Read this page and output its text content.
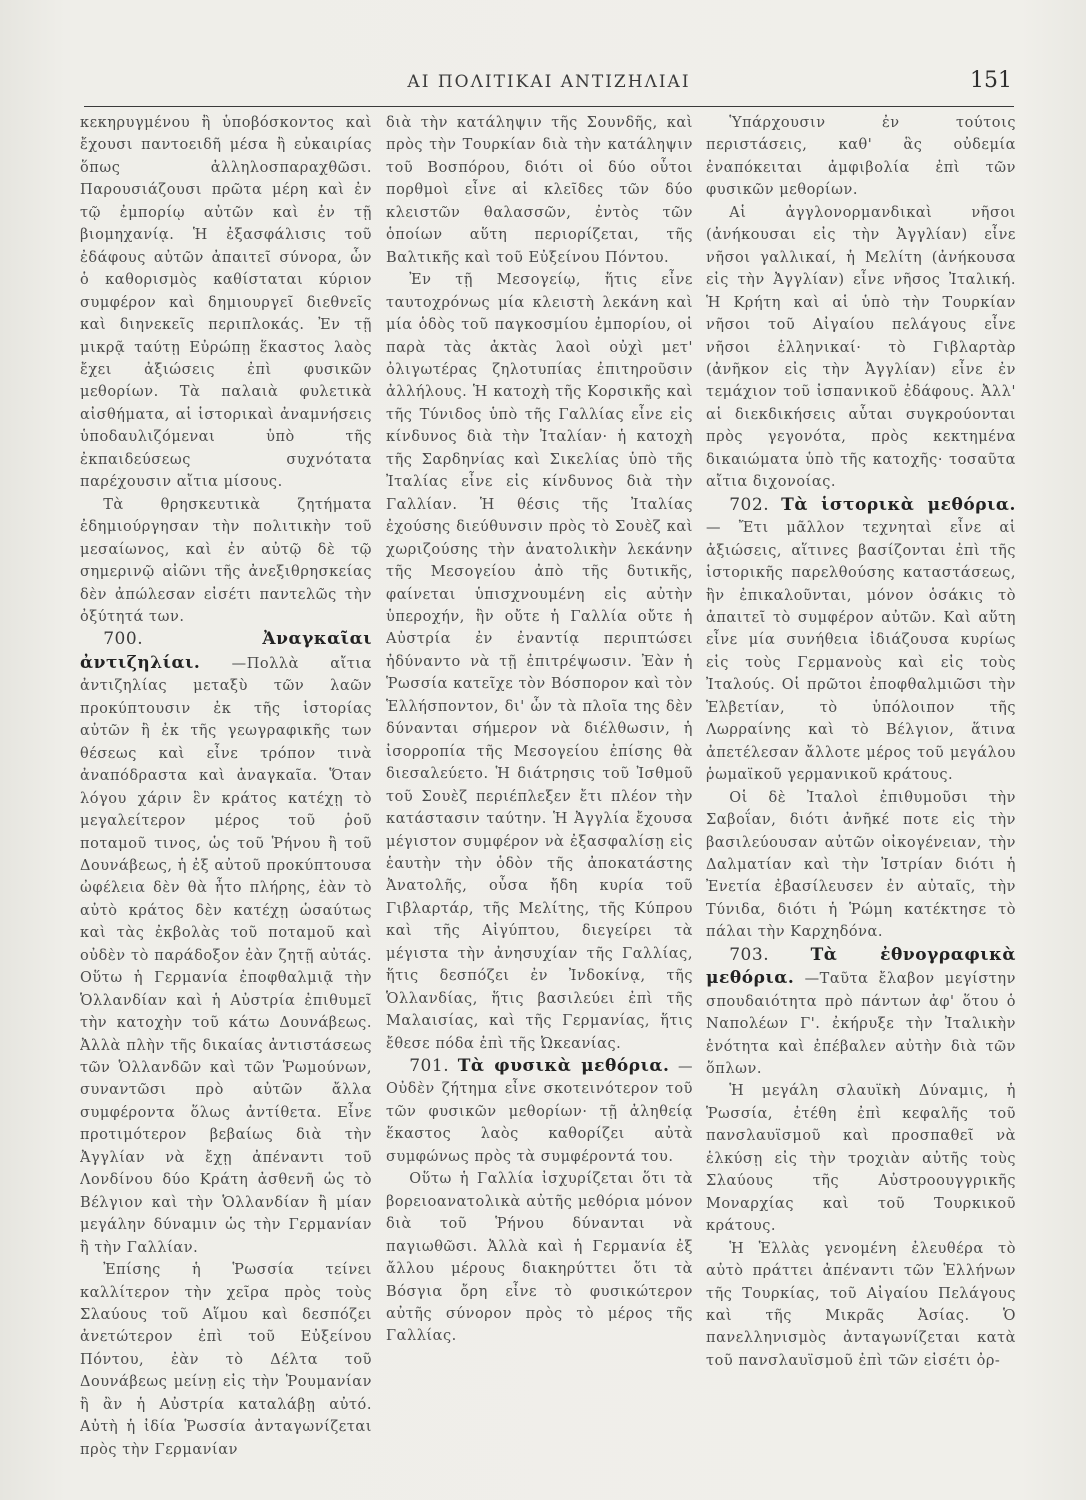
ΑΙ ΠΟΛΙΤΙΚΑΙ ΑΝΤΙΖΗΛΙΑΙ	151

κεκηρυγμένου ἢ ὑποβόσκοντος καὶ ἔχουσι παντοειδῆ μέσα ἢ εὐκαιρίας ὅπως ἀλληλοσπαραχθῶσι. Παρουσιάζουσι πρῶτα μέρη καὶ ἐν τῷ ἐμπορίῳ αὐτῶν καὶ ἐν τῇ βιομηχανίᾳ. Ἡ ἐξασφάλισις τοῦ ἐδάφους αὐτῶν ἀπαιτεῖ σύνορα, ὧν ὁ καθορισμὸς καθίσταται κύριον συμφέρον καὶ δημιουργεῖ διεθνεῖς καὶ διηνεκεῖς περιπλοκάς. Ἐν τῇ μικρᾷ ταύτῃ Εὐρώπῃ ἕκαστος λαὸς ἔχει ἀξιώσεις ἐπὶ φυσικῶν μεθορίων. Τὰ παλαιὰ φυλετικὰ αἰσθήματα, αἱ ἱστορικαὶ ἀναμνήσεις ὑποδαυλιζόμεναι ὑπὸ τῆς ἐκπαιδεύσεως συχνότατα παρέχουσιν αἴτια μίσους.

Τὰ θρησκευτικὰ ζητήματα ἐδημιούργησαν τὴν πολιτικὴν τοῦ μεσαίωνος, καὶ ἐν αὐτῷ δὲ τῷ σημερινῷ αἰῶνι τῆς ἀνεξιθρησκείας δὲν ἀπώλεσαν εἰσέτι παντελῶς τὴν ὀξύτητά των.

700.	Ἀναγκαῖαι ἀντιζηλίαι. —Πολλὰ αἴτια ἀντιζηλίας μεταξὺ τῶν λαῶν προκύπτουσιν ἐκ τῆς ἱστορίας αὐτῶν ἢ ἐκ τῆς γεωγραφικῆς των θέσεως καὶ εἶνε τρόπον τινὰ ἀναπόδραστα καὶ ἀναγκαῖα. Ὅταν λόγου χάριν ἓν κράτος κατέχῃ τὸ μεγαλείτερον μέρος τοῦ ῥοῦ ποταμοῦ τινος, ὡς τοῦ Ῥήνου ἢ τοῦ Δουνάβεως, ἡ ἐξ αὐτοῦ προκύπτουσα ὠφέλεια δὲν θὰ ἦτο πλήρης, ἐὰν τὸ αὐτὸ κράτος δὲν κατέχῃ ὡσαύτως καὶ τὰς ἐκβολὰς τοῦ ποταμοῦ καὶ οὐδὲν τὸ παράδοξον ἐὰν ζητῇ αὐτάς. Οὕτω ἡ Γερμανία ἐποφθαλμιᾷ τὴν Ὁλλανδίαν καὶ ἡ Αὐστρία ἐπιθυμεῖ τὴν κατοχὴν τοῦ κάτω Δουνάβεως. Ἀλλὰ πλὴν τῆς δικαίας ἀντιστάσεως τῶν Ὁλλανδῶν καὶ τῶν Ῥωμούνων, συναντῶσι πρὸ αὐτῶν ἄλλα συμφέροντα ὅλως ἀντίθετα. Εἶνε προτιμότερον βεβαίως διὰ τὴν Ἀγγλίαν νὰ ἔχῃ ἀπέναντι τοῦ Λονδίνου δύο Κράτη ἀσθενῆ ὡς τὸ Βέλγιον καὶ τὴν Ὁλλανδίαν ἢ μίαν μεγάλην δύναμιν ὡς τὴν Γερμανίαν ἢ τὴν Γαλλίαν.

Ἐπίσης ἡ Ῥωσσία τείνει καλλίτερον τὴν χεῖρα πρὸς τοὺς Σλαύους τοῦ Αἵμου καὶ δεσπόζει ἀνετώτερον ἐπὶ τοῦ Εὐξείνου Πόντου, ἐὰν τὸ Δέλτα τοῦ Δουνάβεως μείνῃ εἰς τὴν Ῥουμανίαν ἢ ἂν ἡ Αὐστρία καταλάβῃ αὐτό. Αὐτὴ ἡ ἰδία Ῥωσσία ἀνταγωνίζεται πρὸς τὴν Γερμανίαν

διὰ τὴν κατάληψιν τῆς Σουνδῆς, καὶ πρὸς τὴν Τουρκίαν διὰ τὴν κατάληψιν τοῦ Βοσπόρου, διότι οἱ δύο οὗτοι πορθμοὶ εἶνε αἱ κλεῖδες τῶν δύο κλειστῶν θαλασσῶν, ἐντὸς τῶν ὁποίων αὕτη περιορίζεται, τῆς Βαλτικῆς καὶ τοῦ Εὐξείνου Πόντου.

Ἐν τῇ Μεσογείῳ, ἥτις εἶνε ταυτοχρόνως μία κλειστὴ λεκάνη καὶ μία ὁδὸς τοῦ παγκοσμίου ἐμπορίου, οἱ παρὰ τὰς ἀκτὰς λαοὶ οὐχὶ μετ' ὀλιγωτέρας ζηλοτυπίας ἐπιτηροῦσιν ἀλλήλους. Ἡ κατοχὴ τῆς Κορσικῆς καὶ τῆς Τύνιδος ὑπὸ τῆς Γαλλίας εἶνε εἰς κίνδυνος διὰ τὴν Ἰταλίαν· ἡ κατοχὴ τῆς Σαρδηνίας καὶ Σικελίας ὑπὸ τῆς Ἰταλίας εἶνε εἰς κίνδυνος διὰ τὴν Γαλλίαν. Ἡ θέσις τῆς Ἰταλίας ἐχούσης διεύθυνσιν πρὸς τὸ Σουὲζ καὶ χωριζούσης τὴν ἀνατολικὴν λεκάνην τῆς Μεσογείου ἀπὸ τῆς δυτικῆς, φαίνεται ὑπισχνουμένη εἰς αὐτὴν ὑπεροχήν, ἣν οὔτε ἡ Γαλλία οὔτε ἡ Αὐστρία ἐν ἐναντίᾳ περιπτώσει ἠδύναντο νὰ τῇ ἐπιτρέψωσιν. Ἐὰν ἡ Ῥωσσία κατεῖχε τὸν Βόσπορον καὶ τὸν Ἑλλήσποντον, δι' ὧν τὰ πλοῖα της δὲν δύνανται σήμερον νὰ διέλθωσιν, ἡ ἰσορροπία τῆς Μεσογείου ἐπίσης θὰ διεσαλεύετο. Ἡ διάτρησις τοῦ Ἰσθμοῦ τοῦ Σουὲζ περιέπλεξεν ἔτι πλέον τὴν κατάστασιν ταύτην. Ἡ Ἀγγλία ἔχουσα μέγιστον συμφέρον νὰ ἐξασφαλίσῃ εἰς ἑαυτὴν τὴν ὁδὸν τῆς ἀποκατάστης Ἀνατολῆς, οὖσα ἤδη κυρία τοῦ Γιβλαρτάρ, τῆς Μελίτης, τῆς Κύπρου καὶ τῆς Αἰγύπτου, διεγείρει τὰ μέγιστα τὴν ἀνησυχίαν τῆς Γαλλίας, ἥτις δεσπόζει ἐν Ἰνδοκίνᾳ, τῆς Ὁλλανδίας, ἥτις βασιλεύει ἐπὶ τῆς Μαλαισίας, καὶ τῆς Γερμανίας, ἥτις ἔθεσε πόδα ἐπὶ τῆς Ὠκεανίας.

701. Τὰ φυσικὰ μεθόρια. — Οὐδὲν ζήτημα εἶνε σκοτεινότερον τοῦ τῶν φυσικῶν μεθορίων· τῇ ἀληθείᾳ ἕκαστος λαὸς καθορίζει αὐτὰ συμφώνως πρὸς τὰ συμφέροντά του.

Οὕτω ἡ Γαλλία ἰσχυρίζεται ὅτι τὰ βορειοανατολικὰ αὐτῆς μεθόρια μόνον διὰ τοῦ Ῥήνου δύνανται νὰ παγιωθῶσι. Ἀλλὰ καὶ ἡ Γερμανία ἐξ ἄλλου μέρους διακηρύττει ὅτι τὰ Βόσγια ὄρη εἶνε τὸ φυσικώτερον αὐτῆς σύνορον πρὸς τὸ μέρος τῆς Γαλλίας.

Ὑπάρχουσιν ἐν τούτοις περιστάσεις, καθ' ἃς οὐδεμία ἐναπόκειται ἀμφιβολία ἐπὶ τῶν φυσικῶν μεθορίων.

Αἱ ἀγγλονορμανδικαὶ νῆσοι (ἀνήκουσαι εἰς τὴν Ἀγγλίαν) εἶνε νῆσοι γαλλικαί, ἡ Μελίτη (ἀνήκουσα εἰς τὴν Ἀγγλίαν) εἶνε νῆσος Ἰταλική. Ἡ Κρήτη καὶ αἱ ὑπὸ τὴν Τουρκίαν νῆσοι τοῦ Αἰγαίου πελάγους εἶνε νῆσοι ἑλληνικαί· τὸ Γιβλαρτὰρ (ἀνῆκον εἰς τὴν Ἀγγλίαν) εἶνε ἐν τεμάχιον τοῦ ἰσπανικοῦ ἐδάφους. Ἀλλ' αἱ διεκδικήσεις αὗται συγκρούονται πρὸς γεγονότα, πρὸς κεκτημένα δικαιώματα ὑπὸ τῆς κατοχῆς· τοσαῦτα αἴτια διχονοίας.

702. Τὰ ἱστορικὰ μεθόρια. — Ἔτι μᾶλλον τεχνηταὶ εἶνε αἱ ἀξιώσεις, αἵτινες βασίζονται ἐπὶ τῆς ἱστορικῆς παρελθούσης καταστάσεως, ἣν ἐπικαλοῦνται, μόνον ὁσάκις τὸ ἀπαιτεῖ τὸ συμφέρον αὐτῶν. Καὶ αὕτη εἶνε μία συνήθεια ἰδιάζουσα κυρίως εἰς τοὺς Γερμανοὺς καὶ εἰς τοὺς Ἰταλούς. Οἱ πρῶτοι ἐποφθαλμιῶσι τὴν Ἑλβετίαν, τὸ ὑπόλοιπον τῆς Λωρραίνης καὶ τὸ Βέλγιον, ἅτινα ἀπετέλεσαν ἄλλοτε μέρος τοῦ μεγάλου ῥωμαϊκοῦ γερμανικοῦ κράτους.

Οἱ δὲ Ἰταλοὶ ἐπιθυμοῦσι τὴν Σαβοΐαν, διότι ἀνῆκέ ποτε εἰς τὴν βασιλεύουσαν αὐτῶν οἰκογένειαν, τὴν Δαλματίαν καὶ τὴν Ἰστρίαν διότι ἡ Ἐνετία ἐβασίλευσεν ἐν αὐταῖς, τὴν Τύνιδα, διότι ἡ Ῥώμη κατέκτησε τὸ πάλαι τὴν Καρχηδόνα.

703. Τὰ ἐθνογραφικὰ μεθόρια. —Ταῦτα ἔλαβον μεγίστην σπουδαιότητα πρὸ πάντων ἀφ' ὅτου ὁ Ναπολέων Γ'. ἐκήρυξε τὴν Ἰταλικὴν ἑνότητα καὶ ἐπέβαλεν αὐτὴν διὰ τῶν ὅπλων.

Ἡ μεγάλη σλαυϊκὴ Δύναμις, ἡ Ῥωσσία, ἐτέθη ἐπὶ κεφαλῆς τοῦ πανσλαυϊσμοῦ καὶ προσπαθεῖ νὰ ἑλκύσῃ εἰς τὴν τροχιὰν αὐτῆς τοὺς Σλαύους τῆς Αὐστροουγγρικῆς Μοναρχίας καὶ τοῦ Τουρκικοῦ κράτους.

Ἡ Ἑλλὰς γενομένη ἐλευθέρα τὸ αὐτὸ πράττει ἀπέναντι τῶν Ἑλλήνων τῆς Τουρκίας, τοῦ Αἰγαίου Πελάγους καὶ τῆς Μικρᾶς Ἀσίας. Ὁ πανελληνισμὸς ἀνταγωνίζεται κατὰ τοῦ πανσλαυϊσμοῦ ἐπὶ τῶν εἰσέτι ὀρ-
